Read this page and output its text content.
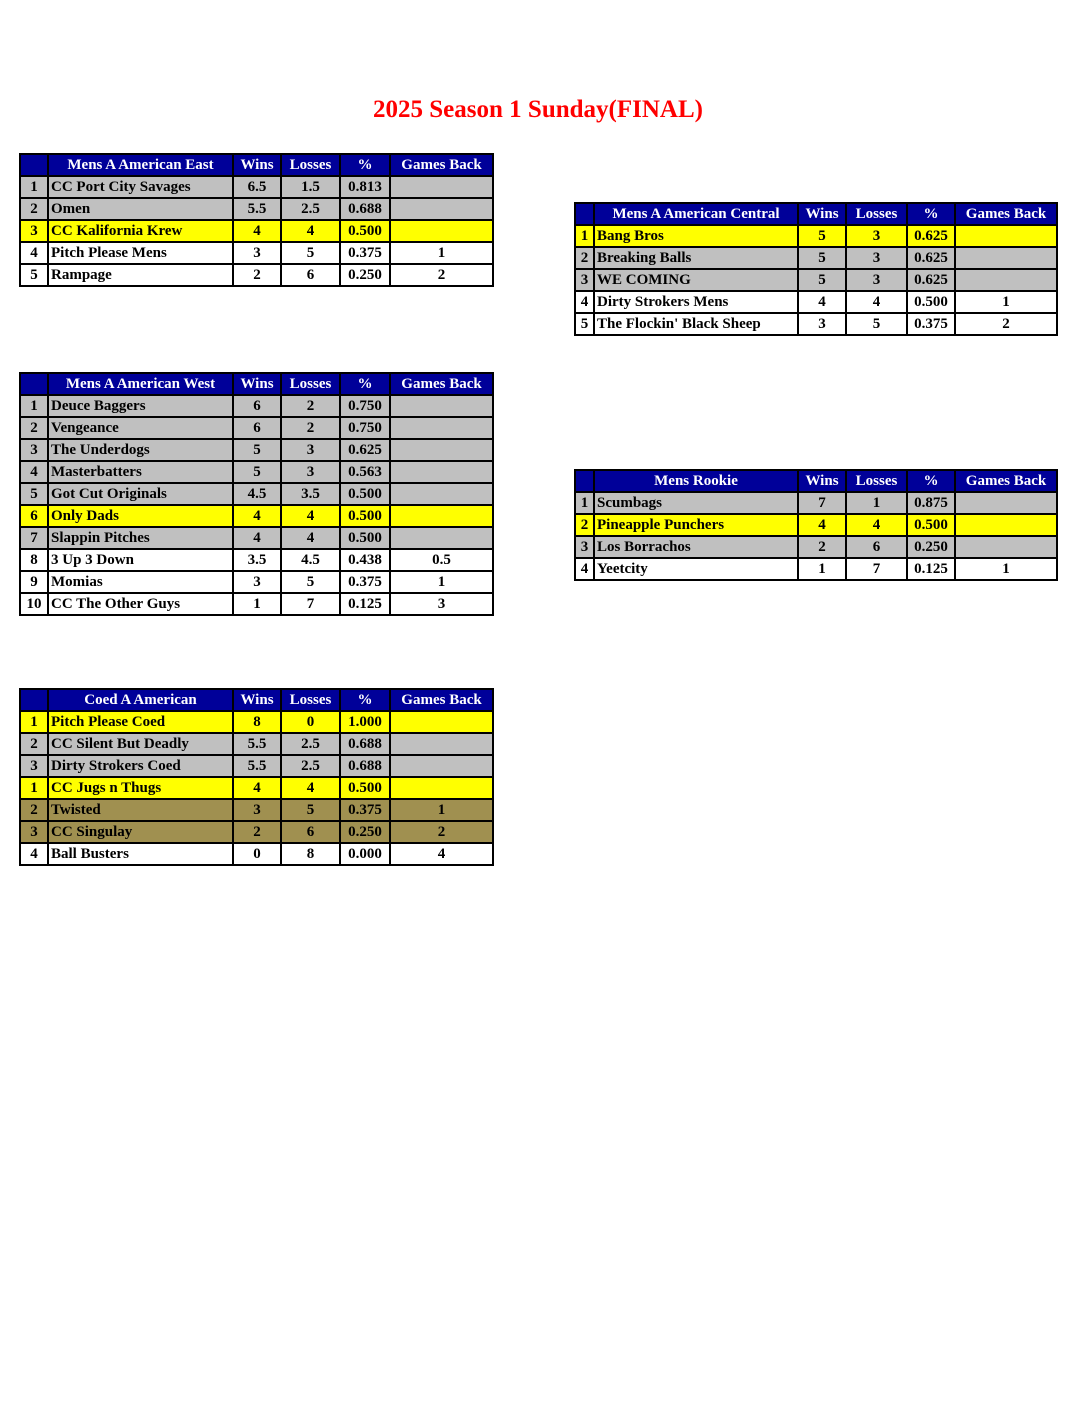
2025 Season 1 Sunday(FINAL)
	Mens A American East	Wins	Losses	%	Games Back
1	CC Port City Savages	6.5	1.5	0.813	
2	Omen	5.5	2.5	0.688	
3	CC Kalifornia Krew	4	4	0.500	
4	Pitch Please Mens	3	5	0.375	1
5	Rampage	2	6	0.250	2
	Mens A American Central	Wins	Losses	%	Games Back
1	Bang Bros	5	3	0.625	
2	Breaking Balls	5	3	0.625	
3	WE COMING	5	3	0.625	
4	Dirty Strokers Mens	4	4	0.500	1
5	The Flockin' Black Sheep	3	5	0.375	2
	Mens A American West	Wins	Losses	%	Games Back
1	Deuce Baggers	6	2	0.750	
2	Vengeance	6	2	0.750	
3	The Underdogs	5	3	0.625	
4	Masterbatters	5	3	0.563	
5	Got Cut Originals	4.5	3.5	0.500	
6	Only Dads	4	4	0.500	
7	Slappin Pitches	4	4	0.500	
8	3 Up 3 Down	3.5	4.5	0.438	0.5
9	Momias	3	5	0.375	1
10	CC The Other Guys	1	7	0.125	3
	Mens Rookie	Wins	Losses	%	Games Back
1	Scumbags	7	1	0.875	
2	Pineapple Punchers	4	4	0.500	
3	Los Borrachos	2	6	0.250	
4	Yeetcity	1	7	0.125	1
	Coed A American	Wins	Losses	%	Games Back
1	Pitch Please Coed	8	0	1.000	
2	CC Silent But Deadly	5.5	2.5	0.688	
3	Dirty Strokers Coed	5.5	2.5	0.688	
1	CC Jugs n Thugs	4	4	0.500	
2	Twisted	3	5	0.375	1
3	CC Singulay	2	6	0.250	2
4	Ball Busters	0	8	0.000	4
